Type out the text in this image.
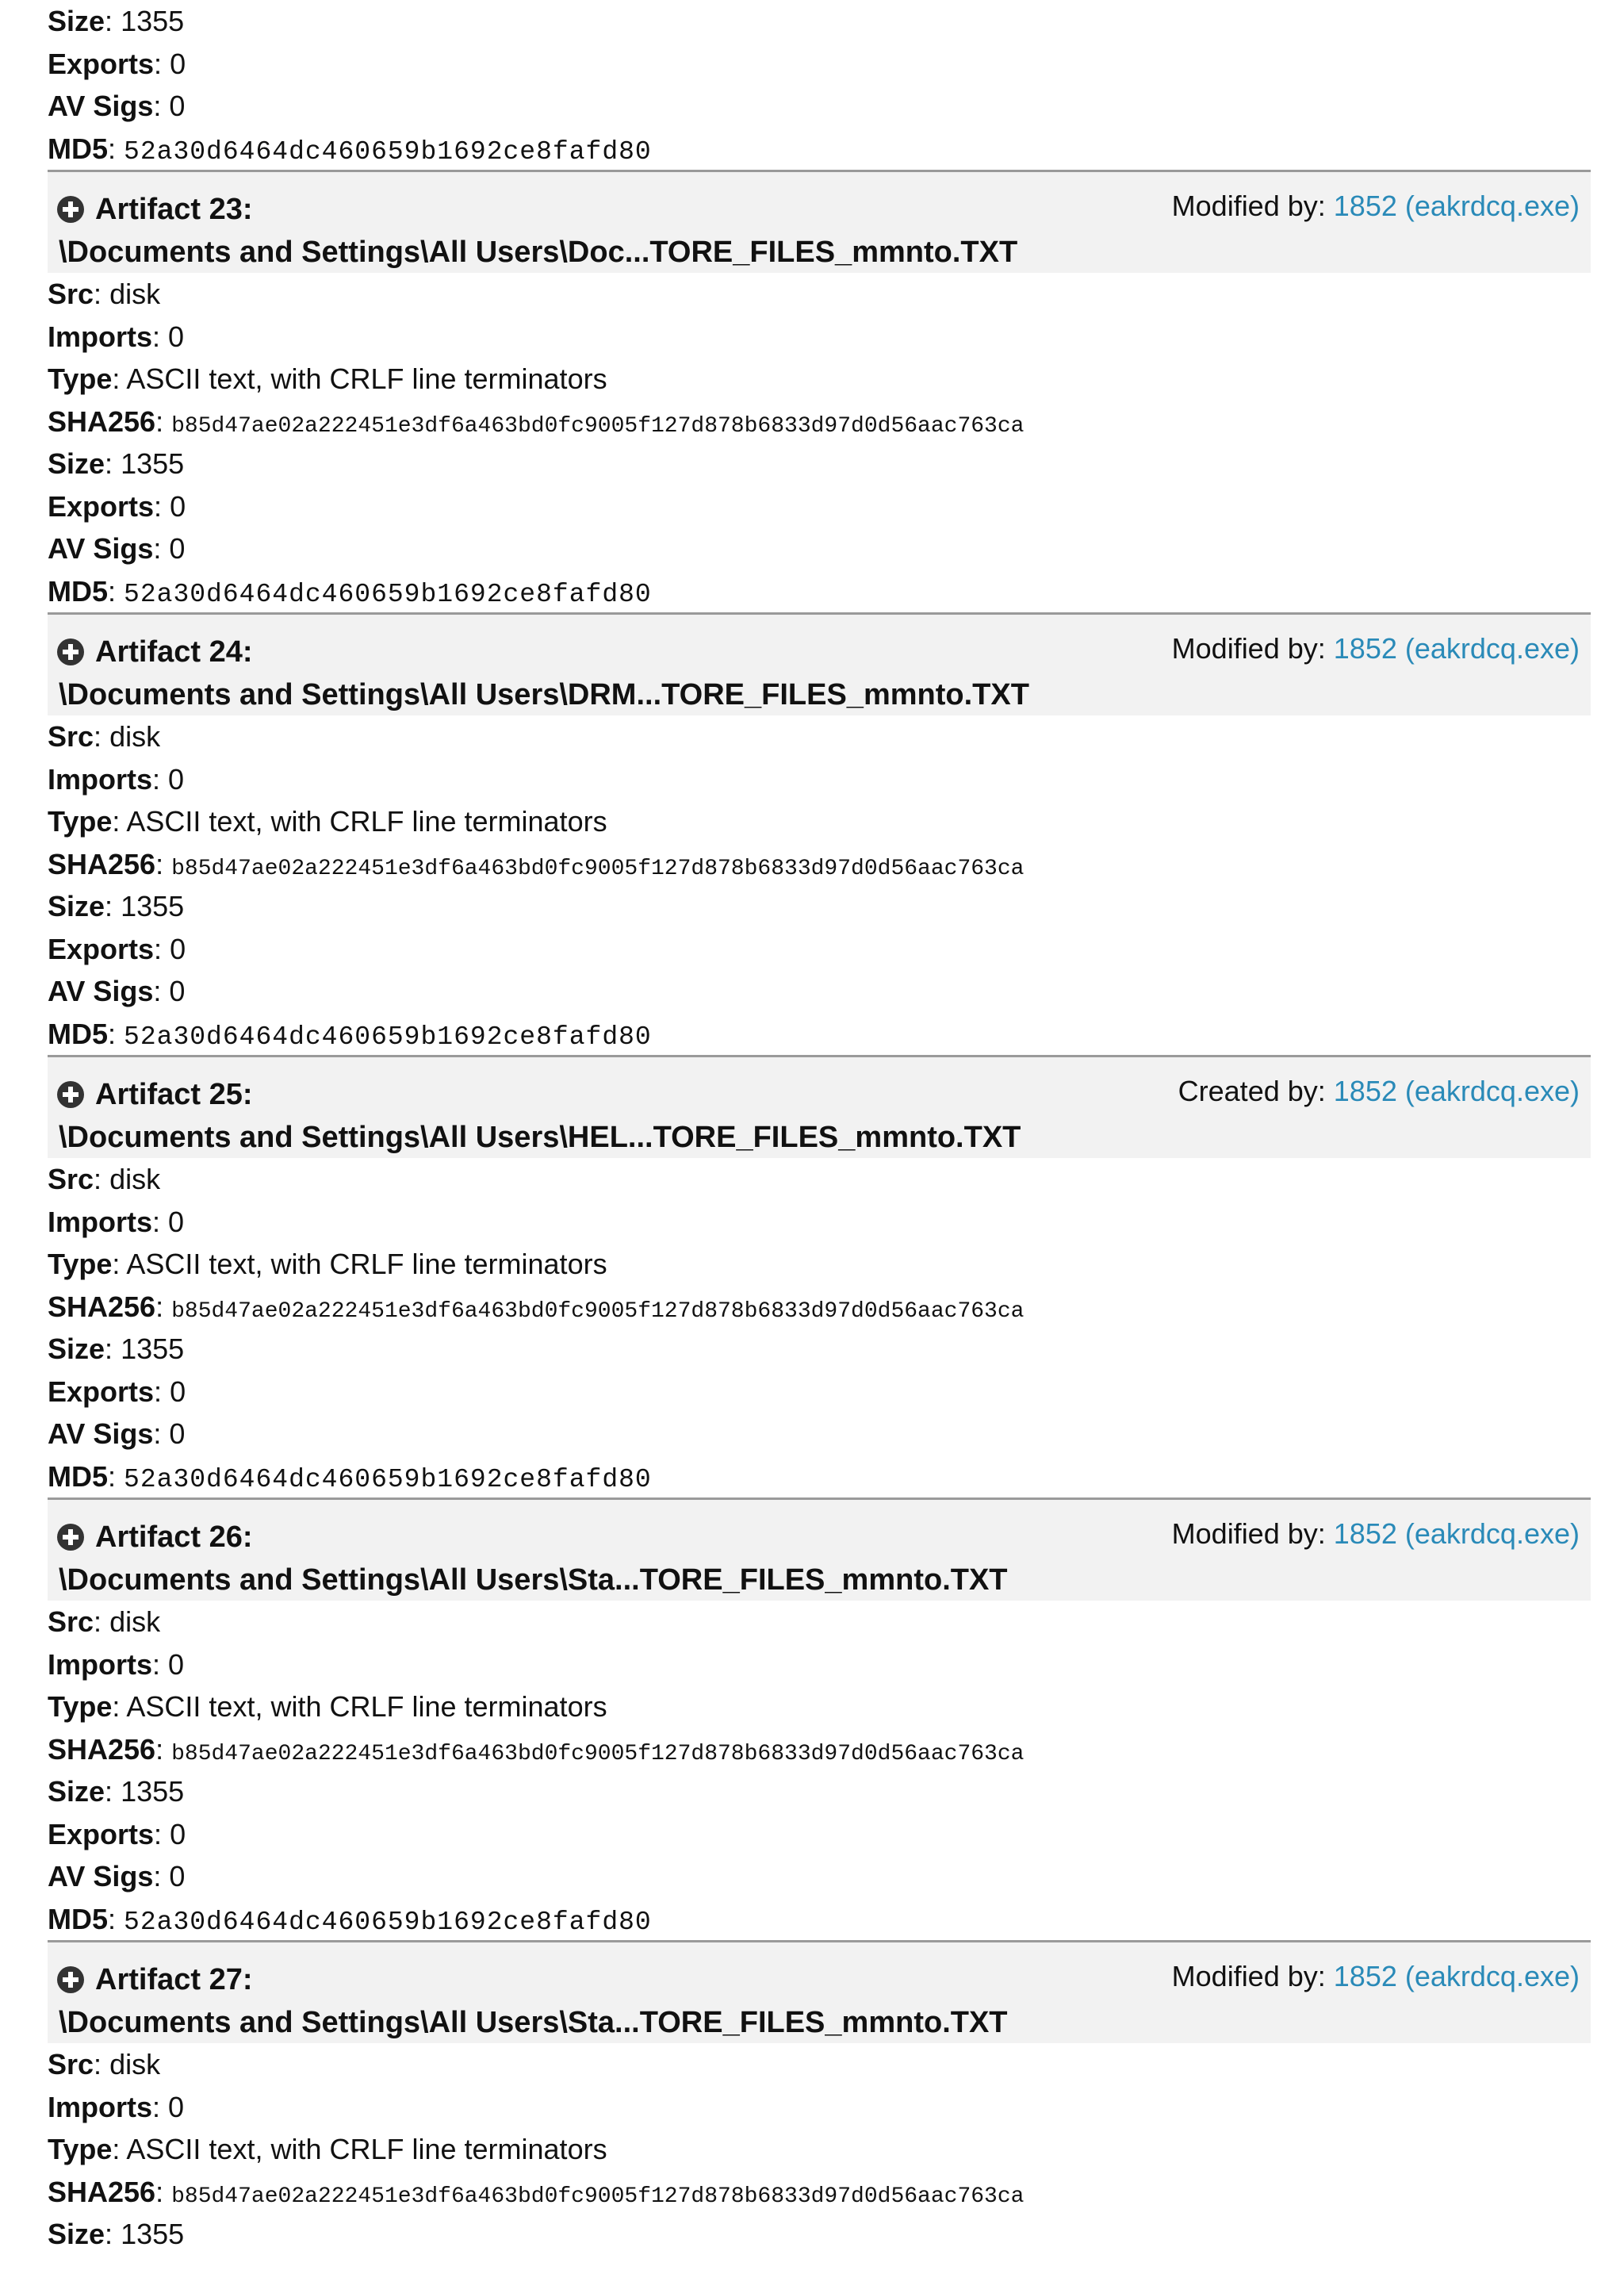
Size: 1355
Exports: 0
AV Sigs: 0
MD5: 52a30d6464dc460659b1692ce8fafd80
Artifact 23:
\Documents and Settings\All Users\Doc...TORE_FILES_mmnto.TXT
Modified by: 1852 (eakrdcq.exe)
Src: disk
Imports: 0
Type: ASCII text, with CRLF line terminators
SHA256: b85d47ae02a222451e3df6a463bd0fc9005f127d878b6833d97d0d56aac763ca
Size: 1355
Exports: 0
AV Sigs: 0
MD5: 52a30d6464dc460659b1692ce8fafd80
Artifact 24:
\Documents and Settings\All Users\DRM...TORE_FILES_mmnto.TXT
Modified by: 1852 (eakrdcq.exe)
Src: disk
Imports: 0
Type: ASCII text, with CRLF line terminators
SHA256: b85d47ae02a222451e3df6a463bd0fc9005f127d878b6833d97d0d56aac763ca
Size: 1355
Exports: 0
AV Sigs: 0
MD5: 52a30d6464dc460659b1692ce8fafd80
Artifact 25:
\Documents and Settings\All Users\HEL...TORE_FILES_mmnto.TXT
Created by: 1852 (eakrdcq.exe)
Src: disk
Imports: 0
Type: ASCII text, with CRLF line terminators
SHA256: b85d47ae02a222451e3df6a463bd0fc9005f127d878b6833d97d0d56aac763ca
Size: 1355
Exports: 0
AV Sigs: 0
MD5: 52a30d6464dc460659b1692ce8fafd80
Artifact 26:
\Documents and Settings\All Users\Sta...TORE_FILES_mmnto.TXT
Modified by: 1852 (eakrdcq.exe)
Src: disk
Imports: 0
Type: ASCII text, with CRLF line terminators
SHA256: b85d47ae02a222451e3df6a463bd0fc9005f127d878b6833d97d0d56aac763ca
Size: 1355
Exports: 0
AV Sigs: 0
MD5: 52a30d6464dc460659b1692ce8fafd80
Artifact 27:
\Documents and Settings\All Users\Sta...TORE_FILES_mmnto.TXT
Modified by: 1852 (eakrdcq.exe)
Src: disk
Imports: 0
Type: ASCII text, with CRLF line terminators
SHA256: b85d47ae02a222451e3df6a463bd0fc9005f127d878b6833d97d0d56aac763ca
Size: 1355
